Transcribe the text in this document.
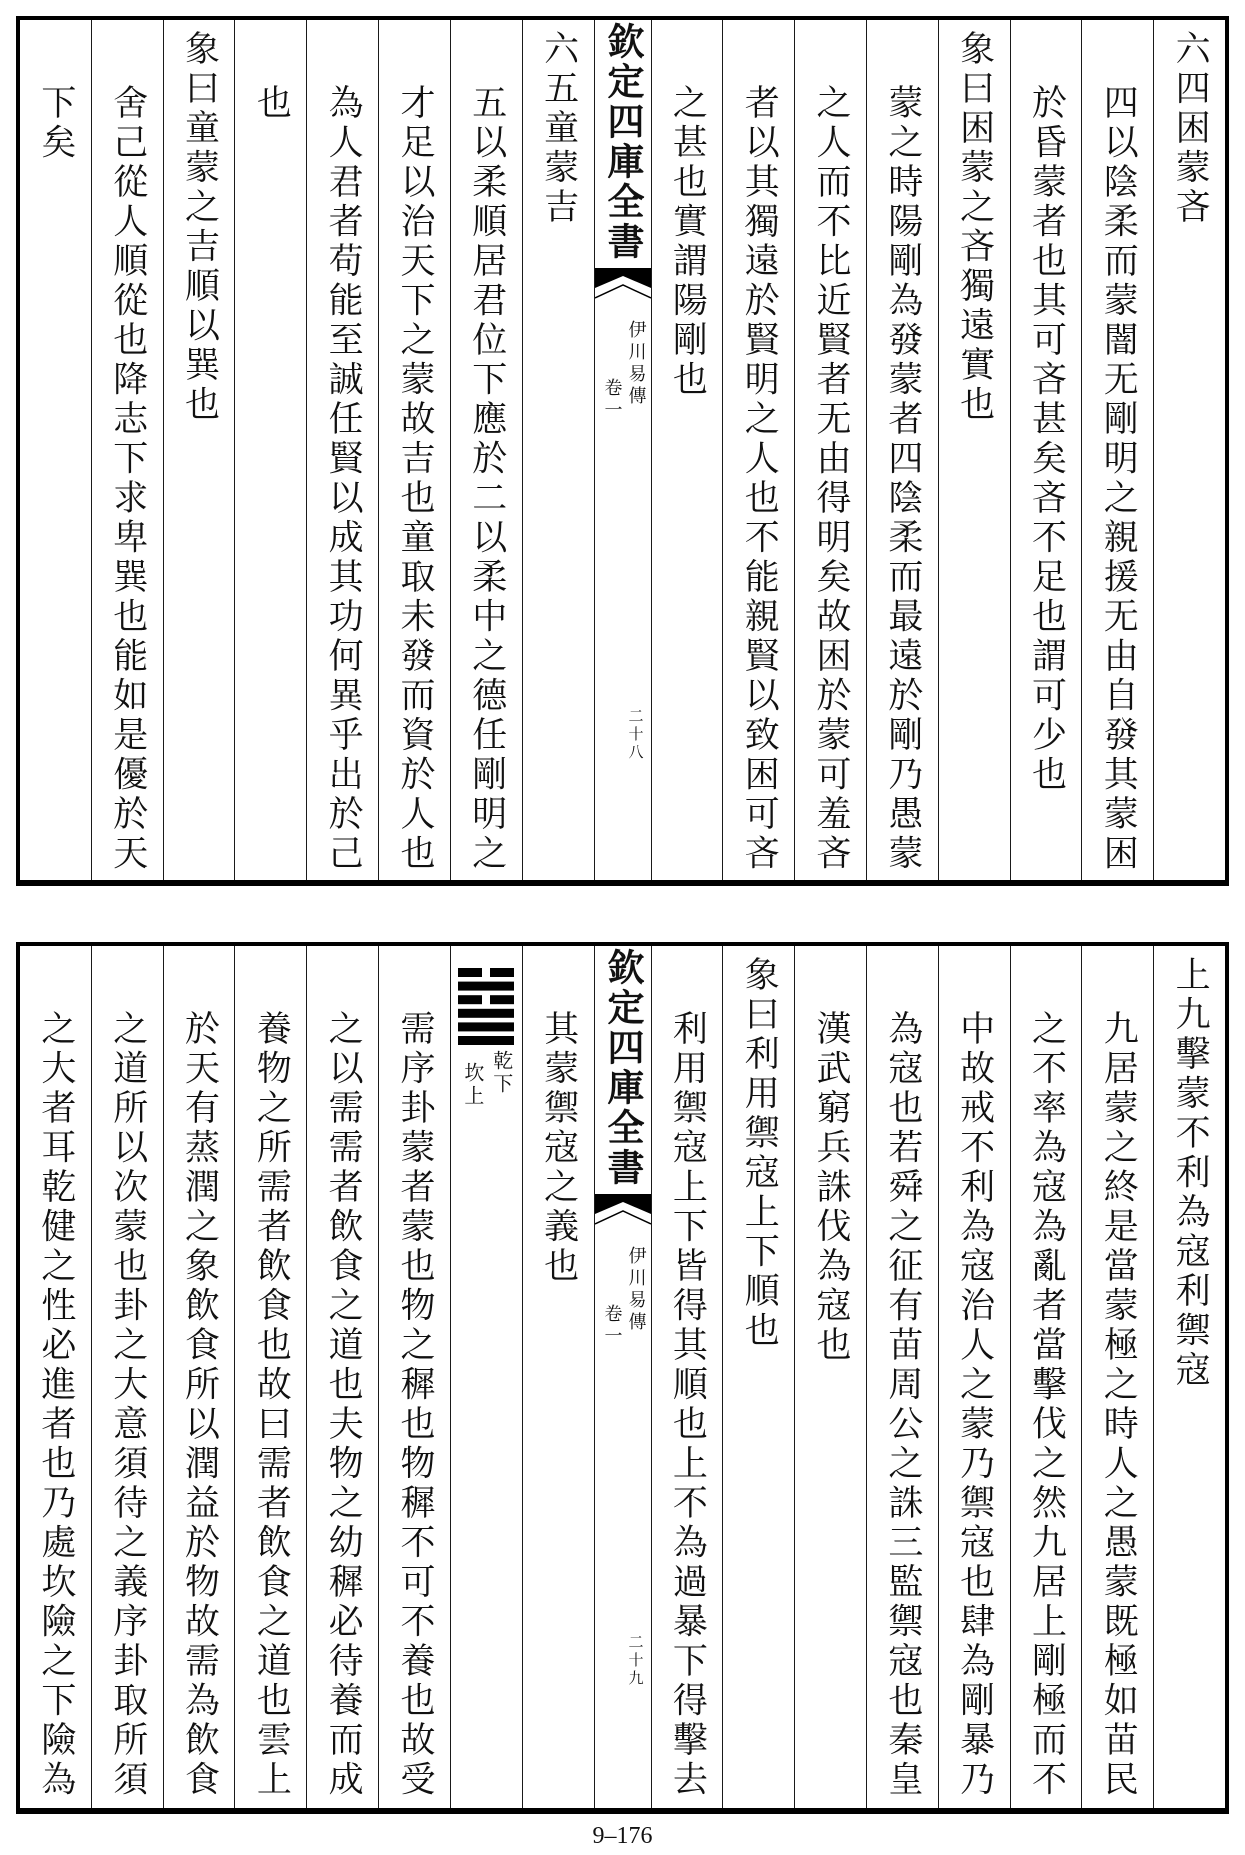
六四困蒙吝
四以陰柔而蒙闇无剛明之親援无由自發其蒙困
於昏蒙者也其可吝甚矣吝不足也謂可少也
象曰困蒙之吝獨遠實也
蒙之時陽剛為發蒙者四陰柔而最遠於剛乃愚蒙
之人而不比近賢者无由得明矣故困於蒙可羞吝
者以其獨遠於賢明之人也不能親賢以致困可吝
之甚也實謂陽剛也
欽定四庫全書
伊川易傳
卷一
二十八
六五童蒙吉
五以柔順居君位下應於二以柔中之德任剛明之
才足以治天下之蒙故吉也童取未發而資於人也
為人君者苟能至誠任賢以成其功何異乎出於己
也
象曰童蒙之吉順以巽也
舍己從人順從也降志下求卑巽也能如是優於天
下矣
上九擊蒙不利為寇利禦寇
九居蒙之終是當蒙極之時人之愚蒙既極如苗民
之不率為寇為亂者當擊伐之然九居上剛極而不
中故戒不利為寇治人之蒙乃禦寇也肆為剛暴乃
為寇也若舜之征有苗周公之誅三監禦寇也秦皇
漢武窮兵誅伐為寇也
象曰利用禦寇上下順也
利用禦寇上下皆得其順也上不為過暴下得擊去
欽定四庫全書
伊川易傳
卷一
二十九
其蒙禦寇之義也
乾下
坎上
需序卦蒙者蒙也物之穉也物穉不可不養也故受
之以需需者飲食之道也夫物之幼穉必待養而成
養物之所需者飲食也故曰需者飲食之道也雲上
於天有蒸潤之象飲食所以潤益於物故需為飲食
之道所以次蒙也卦之大意須待之義序卦取所須
之大者耳乾健之性必進者也乃處坎險之下險為
9–176
